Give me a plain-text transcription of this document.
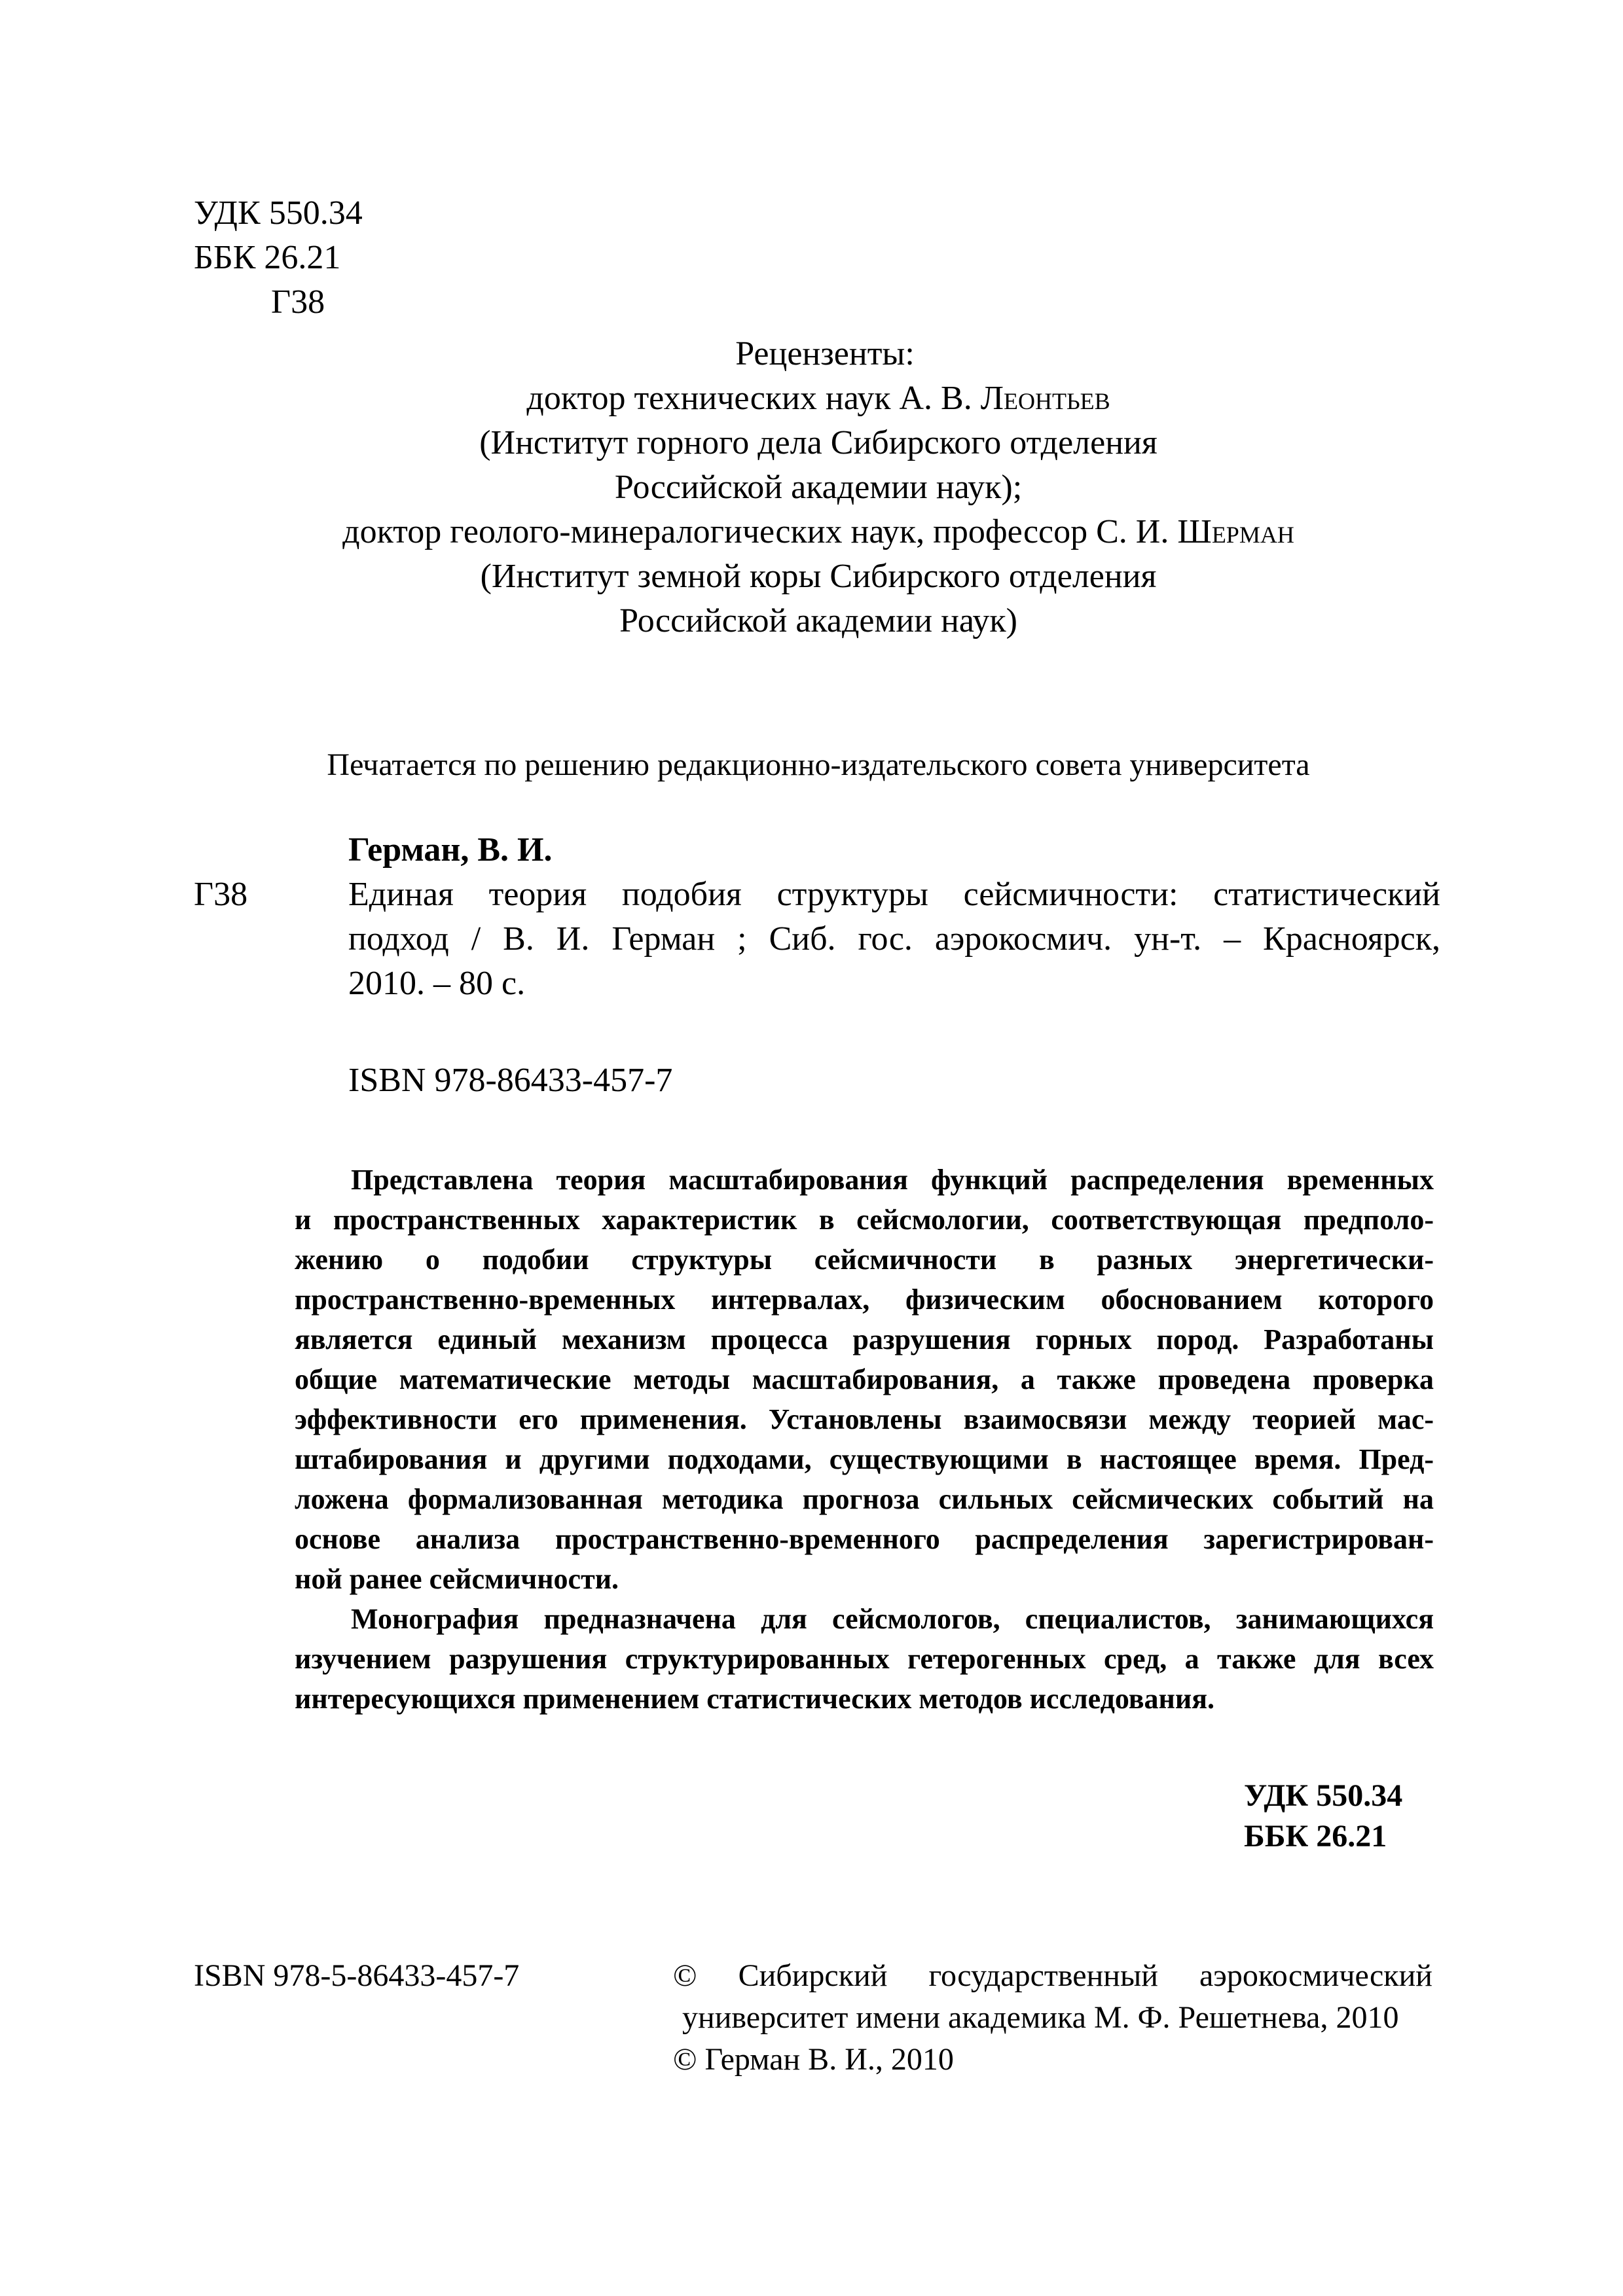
УДК 550.34
ББК 26.21
Г38
Рецензенты:
доктор технических наук А. В. Леонтьев
(Институт горного дела Сибирского отделения
Российской академии наук);
доктор геолого-минералогических наук, профессор С. И. Шерман
(Институт земной коры Сибирского отделения
Российской академии наук)
Печатается по решению редакционно-издательского совета университета
Герман, В. И.
Г38	Единая теория подобия структуры сейсмичности: статистический
подход / В. И. Герман ; Сиб. гос. аэрокосмич. ун-т. – Красноярск,
2010. – 80 с.
ISBN 978-86433-457-7
Представлена теория масштабирования функций распределения временных
и пространственных характеристик в сейсмологии, соответствующая предполо-
жению о подобии структуры сейсмичности в разных энергетически-
пространственно-временных интервалах, физическим обоснованием которого
является единый механизм процесса разрушения горных пород. Разработаны
общие математические методы масштабирования, а также проведена проверка
эффективности его применения. Установлены взаимосвязи между теорией мас-
штабирования и другими подходами, существующими в настоящее время. Пред-
ложена формализованная методика прогноза сильных сейсмических событий на
основе анализа пространственно-временного распределения зарегистрирован-
ной ранее сейсмичности.
Монография предназначена для сейсмологов, специалистов, занимающихся
изучением разрушения структурированных гетерогенных сред, а также для всех
интересующихся применением статистических методов исследования.
УДК 550.34
ББК 26.21
ISBN 978-5-86433-457-7	© Сибирский государственный аэрокосмический
университет имени академика М. Ф. Решетнева, 2010
© Герман В. И., 2010
